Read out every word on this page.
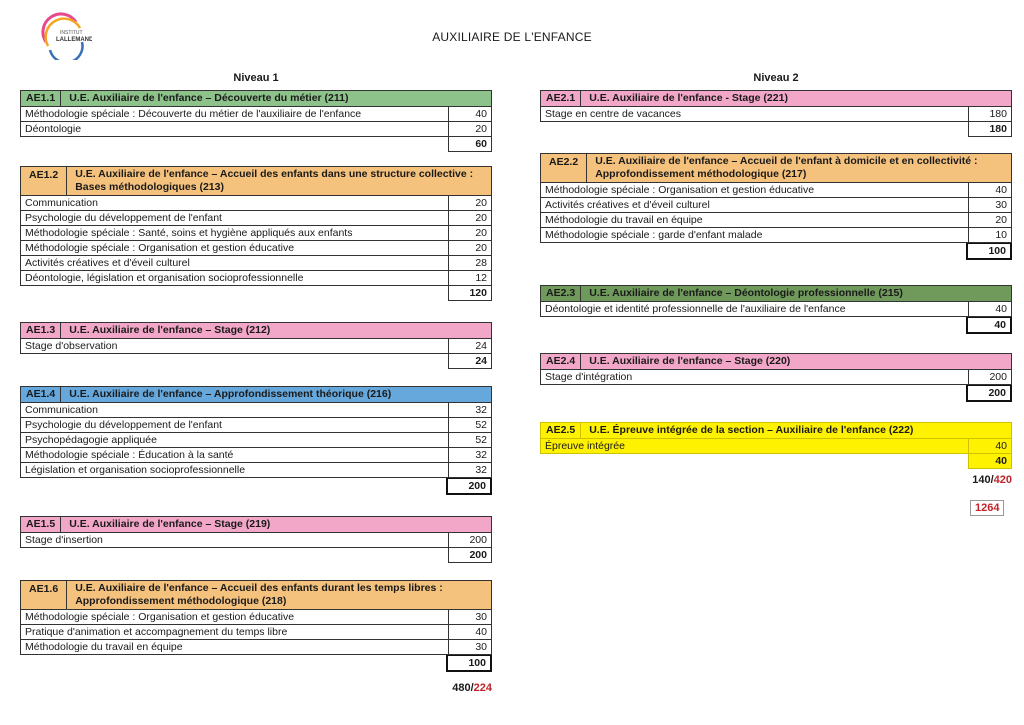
INSTITUT
LALLEMAND	AUXILIAIRE DE L'ENFANCE
Niveau 1
AE1.1	U.E. Auxiliaire de l'enfance – Découverte du métier (211)
Méthodologie spéciale : Découverte du métier de l'auxiliaire de l'enfance	40
Déontologie	20
60
AE1.2	U.E. Auxiliaire de l'enfance – Accueil des enfants dans une structure collective : Bases méthodologiques (213)
Communication	20
Psychologie du développement de l'enfant	20
Méthodologie spéciale : Santé, soins et hygiène appliqués aux enfants	20
Méthodologie spéciale : Organisation et gestion éducative	20
Activités créatives et d'éveil culturel	28
Déontologie, législation et organisation socioprofessionnelle	12
120
AE1.3	U.E. Auxiliaire de l'enfance – Stage (212)
Stage d'observation	24
24
AE1.4	U.E. Auxiliaire de l'enfance – Approfondissement théorique (216)
Communication	32
Psychologie du développement de l'enfant	52
Psychopédagogie appliquée	52
Méthodologie spéciale : Éducation à la santé	32
Législation et organisation socioprofessionnelle	32
200
AE1.5	U.E. Auxiliaire de l'enfance – Stage (219)
Stage d'insertion	200
200
AE1.6	U.E. Auxiliaire de l'enfance – Accueil des enfants durant les temps libres : Approfondissement méthodologique (218)
Méthodologie spéciale : Organisation et gestion éducative	30
Pratique d'animation et accompagnement du temps libre	40
Méthodologie du travail en équipe	30
100
480/224
Niveau 2
AE2.1	U.E. Auxiliaire de l'enfance - Stage (221)
Stage en centre de vacances	180
180
AE2.2	U.E. Auxiliaire de l'enfance – Accueil de l'enfant à domicile et en collectivité : Approfondissement méthodologique (217)
Méthodologie spéciale : Organisation et gestion éducative	40
Activités créatives et d'éveil culturel	30
Méthodologie du travail en équipe	20
Méthodologie spéciale : garde d'enfant malade	10
100
AE2.3	U.E. Auxiliaire de l'enfance – Déontologie professionnelle (215)
Déontologie et identité professionnelle de l'auxiliaire de l'enfance	40
40
AE2.4	U.E. Auxiliaire de l'enfance – Stage (220)
Stage d'intégration	200
200
AE2.5	U.E. Épreuve intégrée de la section – Auxiliaire de l'enfance (222)
Épreuve intégrée	40
40
140/420
1264
